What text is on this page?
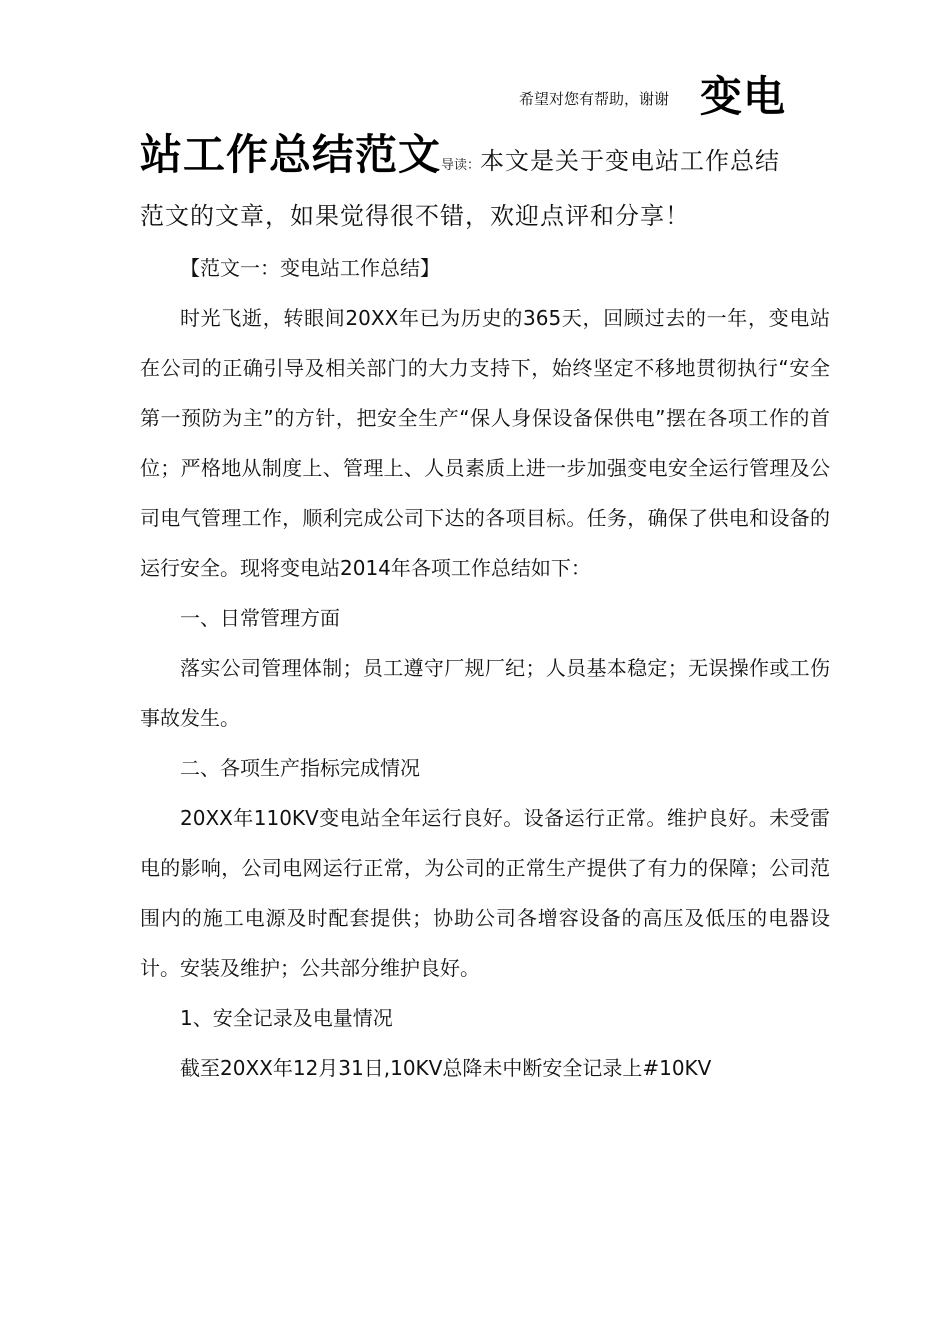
希望对您有帮助，谢谢 变电
站工作总结范文导读：本文是关于变电站工作总结
范文的文章，如果觉得很不错，欢迎点评和分享！

【范文一：变电站工作总结】

时光飞逝，转眼间20XX年已为历史的365天，回顾过去的一年，变电站在公司的正确引导及相关部门的大力支持下，始终坚定不移地贯彻执行“安全第一预防为主”的方针，把安全生产“保人身保设备保供电”摆在各项工作的首位；严格地从制度上、管理上、人员素质上进一步加强变电安全运行管理及公司电气管理工作，顺利完成公司下达的各项目标。任务，确保了供电和设备的运行安全。现将变电站2014年各项工作总结如下：

一、日常管理方面

落实公司管理体制；员工遵守厂规厂纪；人员基本稳定；无误操作或工伤事故发生。

二、各项生产指标完成情况

20XX年110KV变电站全年运行良好。设备运行正常。维护良好。未受雷电的影响，公司电网运行正常，为公司的正常生产提供了有力的保障；公司范围内的施工电源及时配套提供；协助公司各增容设备的高压及低压的电器设计。安装及维护；公共部分维护良好。

1、安全记录及电量情况

截至20XX年12月31日,10KV总降未中断安全记录上#10KV
